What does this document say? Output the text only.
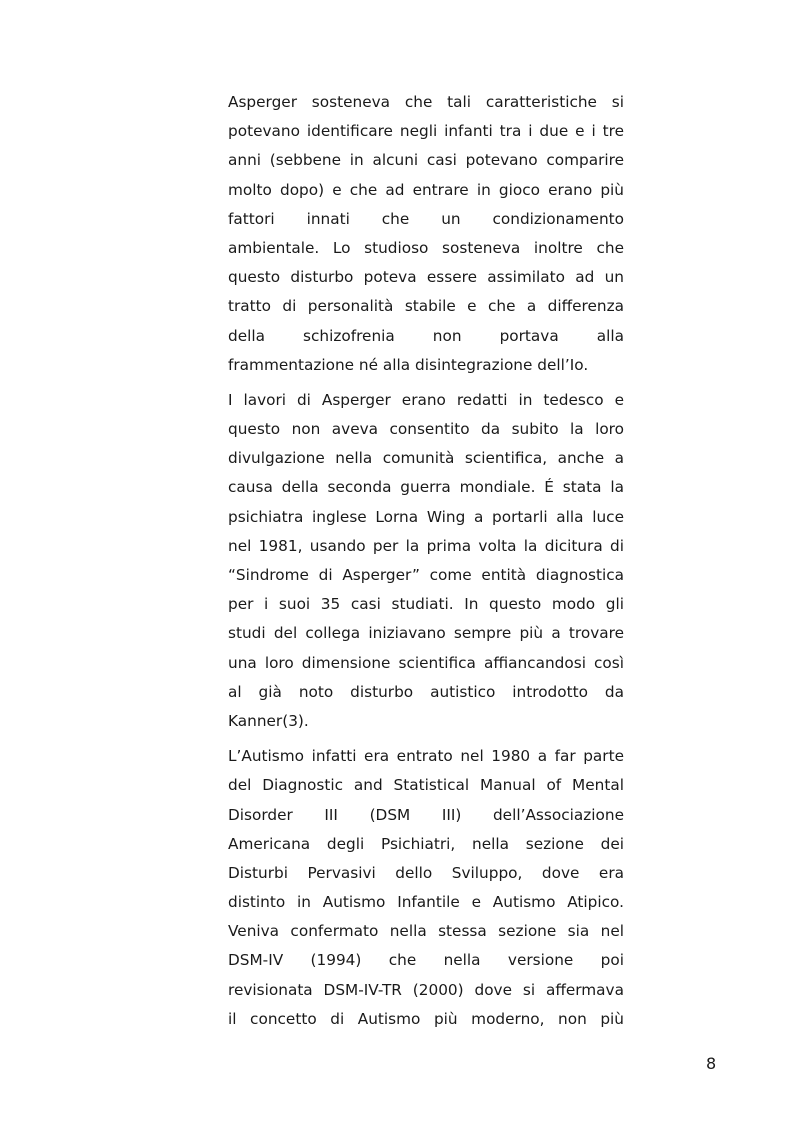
Asperger sosteneva che tali caratteristiche si
potevano identificare negli infanti tra i due e i tre
anni (sebbene in alcuni casi potevano comparire
molto dopo) e che ad entrare in gioco erano più
fattori innati che un condizionamento
ambientale. Lo studioso sosteneva inoltre che
questo disturbo poteva essere assimilato ad un
tratto di personalità stabile e che a differenza
della schizofrenia non portava alla
frammentazione né alla disintegrazione dell’Io.
I lavori di Asperger erano redatti in tedesco e
questo non aveva consentito da subito la loro
divulgazione nella comunità scientifica, anche a
causa della seconda guerra mondiale. É stata la
psichiatra inglese Lorna Wing a portarli alla luce
nel 1981, usando per la prima volta la dicitura di
“Sindrome di Asperger” come entità diagnostica
per i suoi 35 casi studiati. In questo modo gli
studi del collega iniziavano sempre più a trovare
una loro dimensione scientifica affiancandosi così
al già noto disturbo autistico introdotto da
Kanner(3).
L’Autismo infatti era entrato nel 1980 a far parte
del Diagnostic and Statistical Manual of Mental
Disorder III (DSM III) dell’Associazione
Americana degli Psichiatri, nella sezione dei
Disturbi Pervasivi dello Sviluppo, dove era
distinto in Autismo Infantile e Autismo Atipico.
Veniva confermato nella stessa sezione sia nel
DSM-IV (1994) che nella versione poi
revisionata DSM-IV-TR (2000) dove si affermava
il concetto di Autismo più moderno, non più
8
